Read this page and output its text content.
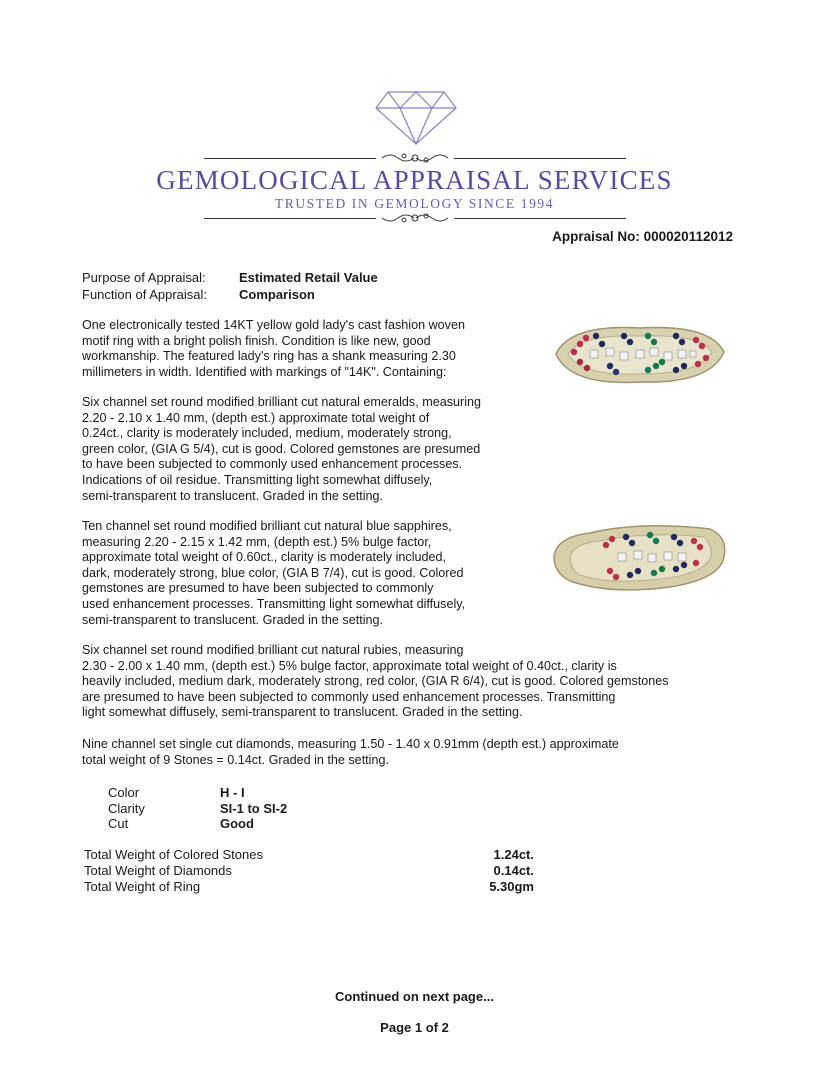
GEMOLOGICAL APPRAISAL SERVICES
TRUSTED IN GEMOLOGY SINCE 1994
Appraisal No: 000020112012
Purpose of Appraisal:	Estimated Retail Value
Function of Appraisal:	Comparison
One electronically tested 14KT yellow gold lady's cast fashion woven
motif ring with a bright polish finish. Condition is like new, good
workmanship. The featured lady's ring has a shank measuring 2.30
millimeters in width. Identified with markings of "14K". Containing:
Six channel set round modified brilliant cut natural emeralds, measuring
2.20 - 2.10 x 1.40 mm, (depth est.) approximate total weight of
0.24ct., clarity is moderately included, medium, moderately strong,
green color, (GIA G 5/4), cut is good. Colored gemstones are presumed
to have been subjected to commonly used enhancement processes.
Indications of oil residue. Transmitting light somewhat diffusely,
semi-transparent to translucent. Graded in the setting.
Ten channel set round modified brilliant cut natural blue sapphires,
measuring 2.20 - 2.15 x 1.42 mm, (depth est.) 5% bulge factor,
approximate total weight of 0.60ct., clarity is moderately included,
dark, moderately strong, blue color, (GIA B 7/4), cut is good. Colored
gemstones are presumed to have been subjected to commonly
used enhancement processes. Transmitting light somewhat diffusely,
semi-transparent to translucent. Graded in the setting.
Six channel set round modified brilliant cut natural rubies, measuring
2.30 - 2.00 x 1.40 mm, (depth est.) 5% bulge factor, approximate total weight of 0.40ct., clarity is
heavily included, medium dark, moderately strong, red color, (GIA R 6/4), cut is good. Colored gemstones
are presumed to have been subjected to commonly used enhancement processes. Transmitting
light somewhat diffusely, semi-transparent to translucent. Graded in the setting.
Nine channel set single cut diamonds, measuring 1.50 - 1.40 x 0.91mm (depth est.) approximate
total weight of 9 Stones = 0.14ct. Graded in the setting.
Color	H - I
Clarity	SI-1 to SI-2
Cut	Good
Total Weight of Colored Stones	1.24ct.
Total Weight of Diamonds	0.14ct.
Total Weight of Ring	5.30gm
Continued on next page...
Page 1 of 2
